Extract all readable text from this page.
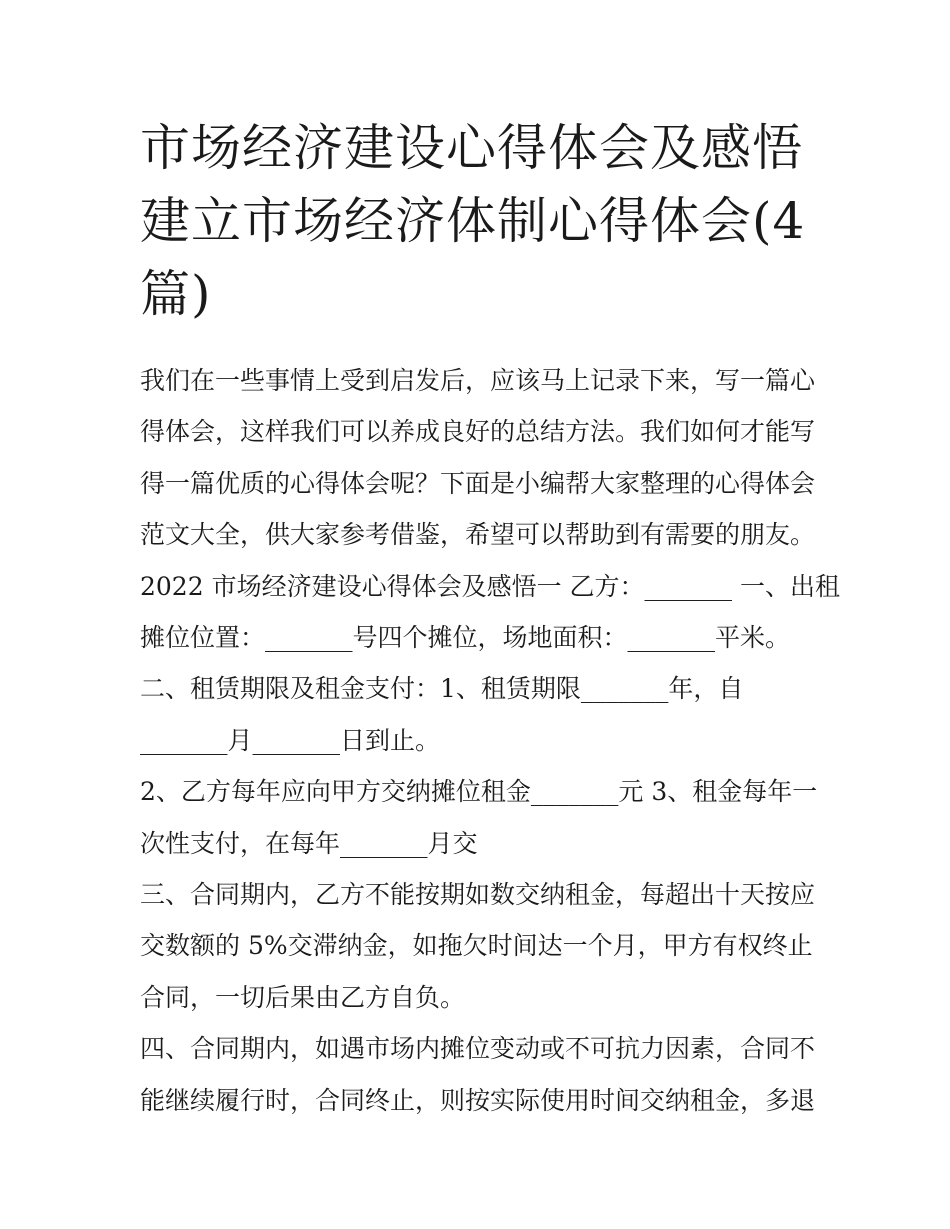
市场经济建设心得体会及感悟
建立市场经济体制心得体会(4
篇)
我们在一些事情上受到启发后，应该马上记录下来，写一篇心
得体会，这样我们可以养成良好的总结方法。我们如何才能写
得一篇优质的心得体会呢？下面是小编帮大家整理的心得体会
范文大全，供大家参考借鉴，希望可以帮助到有需要的朋友。
2022 市场经济建设心得体会及感悟一 乙方：_______ 一、出租
摊位位置：_______号四个摊位，场地面积：_______平米。
二、租赁期限及租金支付：1、租赁期限_______年，自
_______月_______日到止。
2、乙方每年应向甲方交纳摊位租金_______元 3、租金每年一
次性支付，在每年_______月交
三、合同期内，乙方不能按期如数交纳租金，每超出十天按应
交数额的 5%交滞纳金，如拖欠时间达一个月，甲方有权终止
合同，一切后果由乙方自负。
四、合同期内，如遇市场内摊位变动或不可抗力因素，合同不
能继续履行时，合同终止，则按实际使用时间交纳租金，多退
